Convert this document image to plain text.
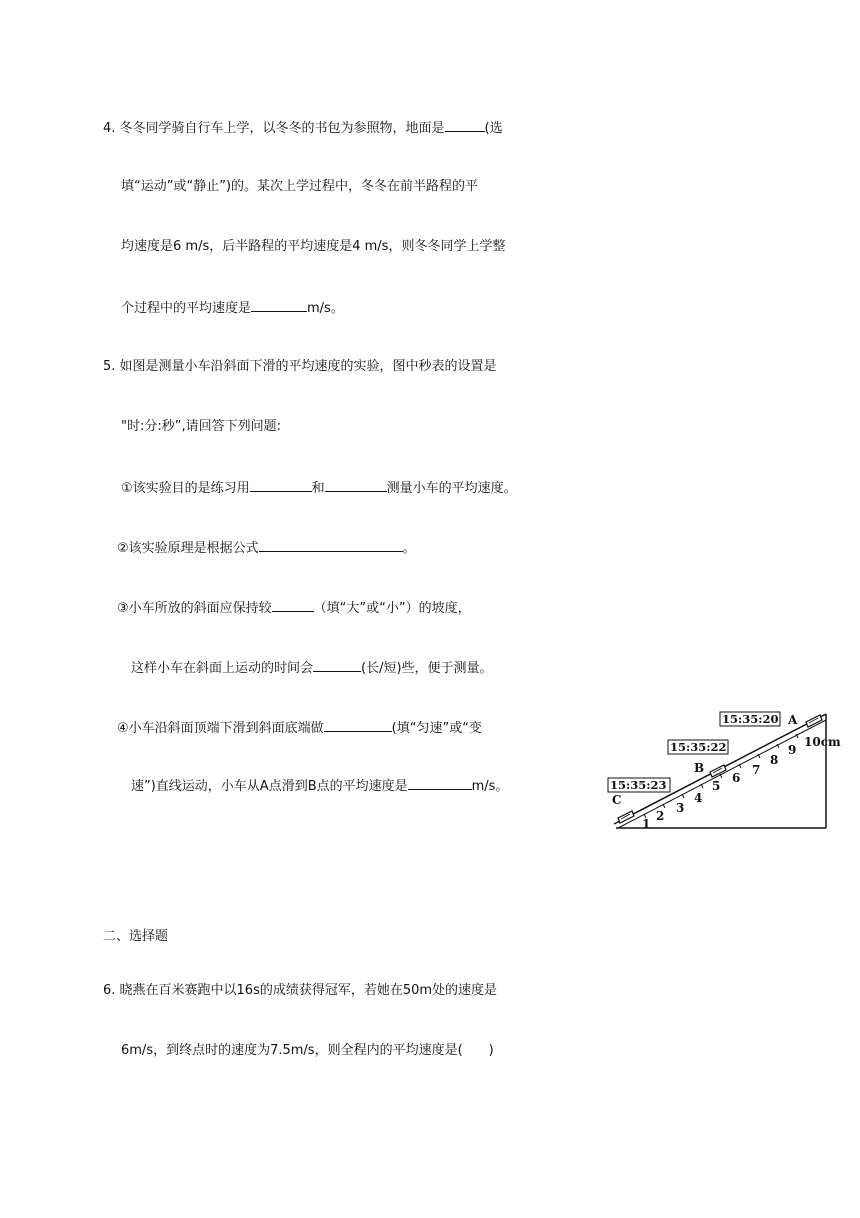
4. 冬冬同学骑自行车上学，以冬冬的书包为参照物，地面是	(选
填“运动”或“静止”)的。某次上学过程中，冬冬在前半路程的平
均速度是6 m/s，后半路程的平均速度是4 m/s，则冬冬同学上学整
个过程中的平均速度是	m/s。
5. 如图是测量小车沿斜面下滑的平均速度的实验，图中秒表的设置是
"时:分:秒”,请回答下列问题:
①该实验目的是练习用	和	测量小车的平均速度。
②该实验原理是根据公式	。
③小车所放的斜面应保持较	（填“大”或“小”）的坡度，
这样小车在斜面上运动的时间会	(长/短)些，便于测量。
④小车沿斜面顶端下滑到斜面底端做	(填“匀速”或“变
速”)直线运动，小车从A点滑到B点的平均速度是	m/s。
1
2
3
4
5
6
7
8
9
10cm
A
B
C
15:35:20
15:35:22
15:35:23
二、选择题
6. 晓燕在百米赛跑中以16s的成绩获得冠军，若她在50m处的速度是
6m/s，到终点时的速度为7.5m/s，则全程内的平均速度是( )
